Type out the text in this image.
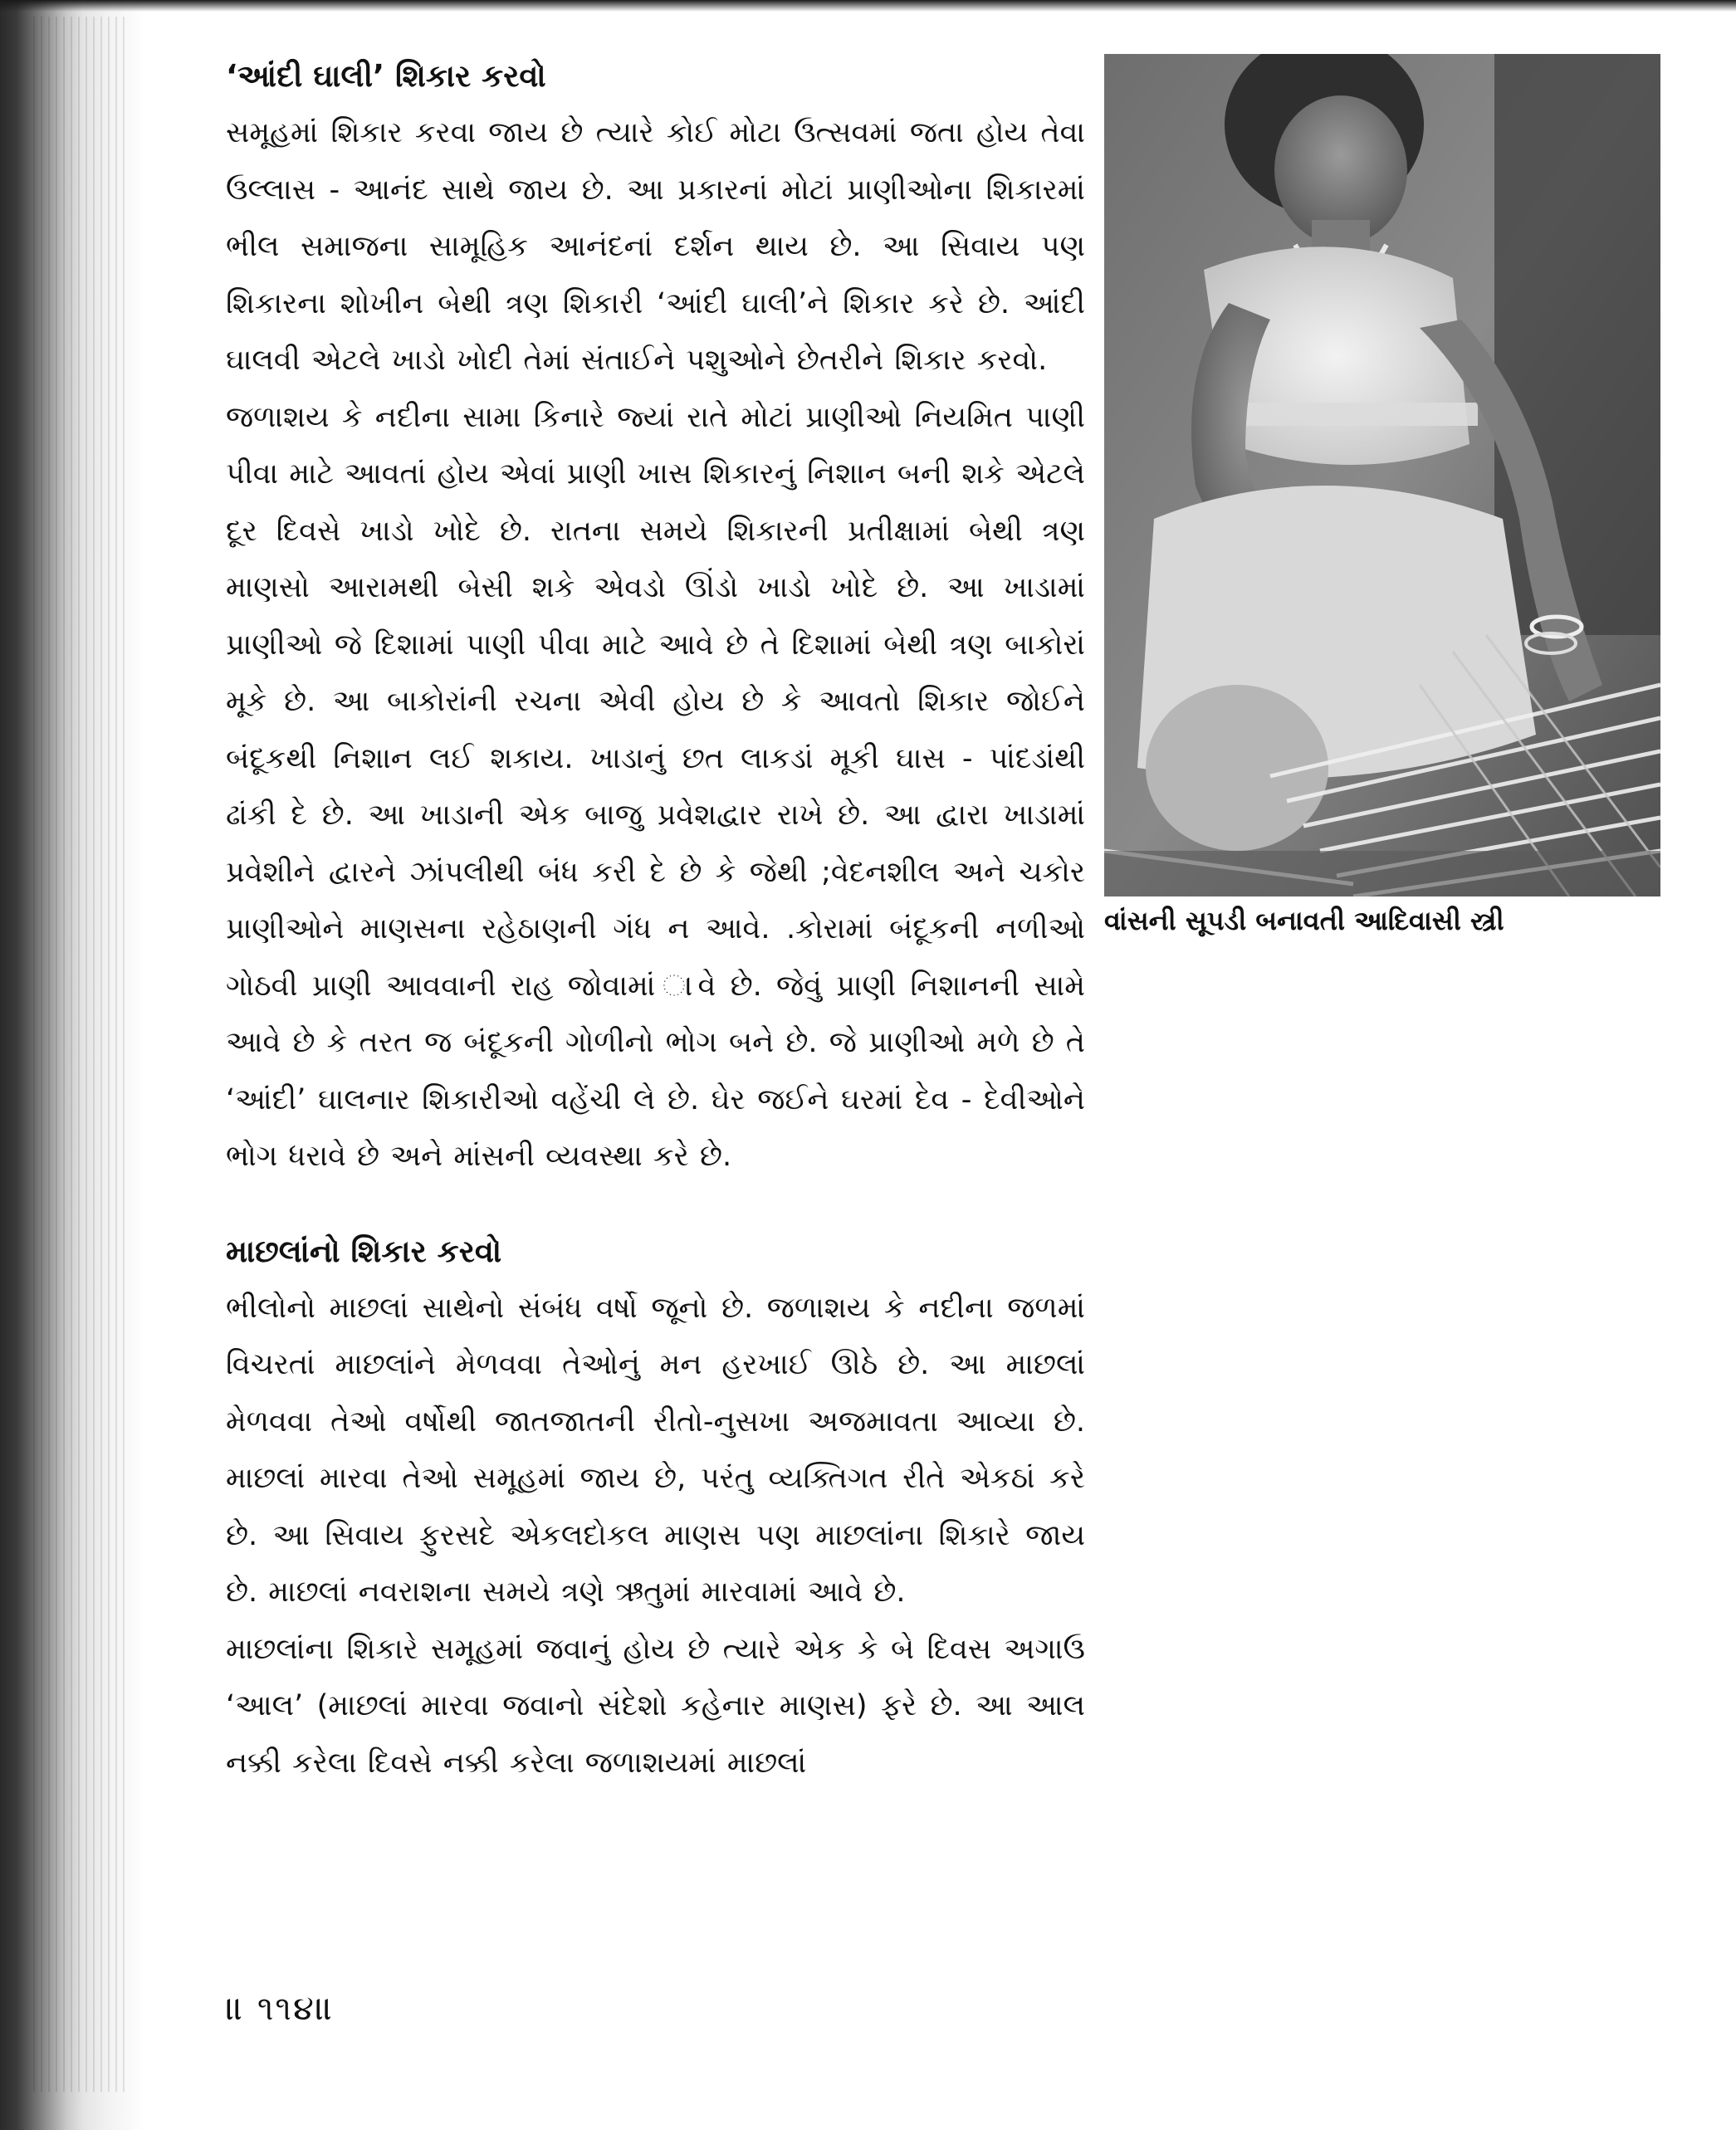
‘આંદી ઘાલી’ શિકાર કરવો

સમૂહમાં શિકાર કરવા જાય છે ત્યારે કોઈ મોટા ઉત્સવમાં જતા હોય તેવા ઉલ્લાસ - આનંદ સાથે જાય છે. આ પ્રકારનાં મોટાં પ્રાણીઓના શિકારમાં ભીલ સમાજના સામૂહિક આનંદનાં દર્શન થાય છે. આ સિવાય પણ શિકારના શોખીન બેથી ત્રણ શિકારી ‘આંદી ઘાલી’ને શિકાર કરે છે. આંદી ઘાલવી એટલે ખાડો ખોદી તેમાં સંતાઈને પશુઓને છેતરીને શિકાર કરવો.

જળાશય કે નદીના સામા કિનારે જ્યાં રાતે મોટાં પ્રાણીઓ નિયમિત પાણી પીવા માટે આવતાં હોય એવાં પ્રાણી ખાસ શિકારનું નિશાન બની શકે એટલે દૂર દિવસે ખાડો ખોદે છે. રાતના સમયે શિકારની પ્રતીક્ષામાં બેથી ત્રણ માણસો આરામથી બેસી શકે એવડો ઊંડો ખાડો ખોદે છે. આ ખાડામાં પ્રાણીઓ જે દિશામાં પાણી પીવા માટે આવે છે તે દિશામાં બેથી ત્રણ બાકોરાં મૂકે છે. આ બાકોરાંની રચના એવી હોય છે કે આવતો શિકાર જોઈને બંદૂકથી નિશાન લઈ શકાય. ખાડાનું છત લાકડાં મૂકી ઘાસ - પાંદડાંથી ઢાંકી દે છે. આ ખાડાની એક બાજુ પ્રવેશદ્વાર રાખે છે. આ દ્વારા ખાડામાં પ્રવેશીને દ્વારને ઝાંપલીથી બંધ કરી દે છે કે જેથી ;વેદનશીલ અને ચકોર પ્રાણીઓને માણસના રહેઠાણની ગંધ ન આવે. .કોરામાં બંદૂકની નળીઓ ગોઠવી પ્રાણી આવવાની રાહ જોવામાં ાવે છે. જેવું પ્રાણી નિશાનની સામે આવે છે કે તરત જ બંદૂકની ગોળીનો ભોગ બને છે. જે પ્રાણીઓ મળે છે તે ‘આંદી’ ઘાલનાર શિકારીઓ વહેંચી લે છે. ઘેર જઈને ઘરમાં દેવ - દેવીઓને ભોગ ધરાવે છે અને માંસની વ્યવસ્થા કરે છે.

માછલાંનો શિકાર કરવો

ભીલોનો માછલાં સાથેનો સંબંધ વર્ષો જૂનો છે. જળાશય કે નદીના જળમાં વિચરતાં માછલાંને મેળવવા તેઓનું મન હરખાઈ ઊઠે છે. આ માછલાં મેળવવા તેઓ વર્ષોથી જાતજાતની રીતો-નુસખા અજમાવતા આવ્યા છે. માછલાં મારવા તેઓ સમૂહમાં જાય છે, પરંતુ વ્યક્તિગત રીતે એકઠાં કરે છે. આ સિવાય ફુરસદે એકલદોકલ માણસ પણ માછલાંના શિકારે જાય છે. માછલાં નવરાશના સમયે ત્રણે ઋતુમાં મારવામાં આવે છે.

માછલાંના શિકારે સમૂહમાં જવાનું હોય છે ત્યારે એક કે બે દિવસ અગાઉ ‘આલ’ (માછલાં મારવા જવાનો સંદેશો કહેનાર માણસ) ફરે છે. આ આલ નક્કી કરેલા દિવસે નક્કી કરેલા જળાશયમાં માછલાં

વાંસની સૂપડી બનાવતી આદિવાસી સ્ત્રી
॥ ૧૧૪॥
